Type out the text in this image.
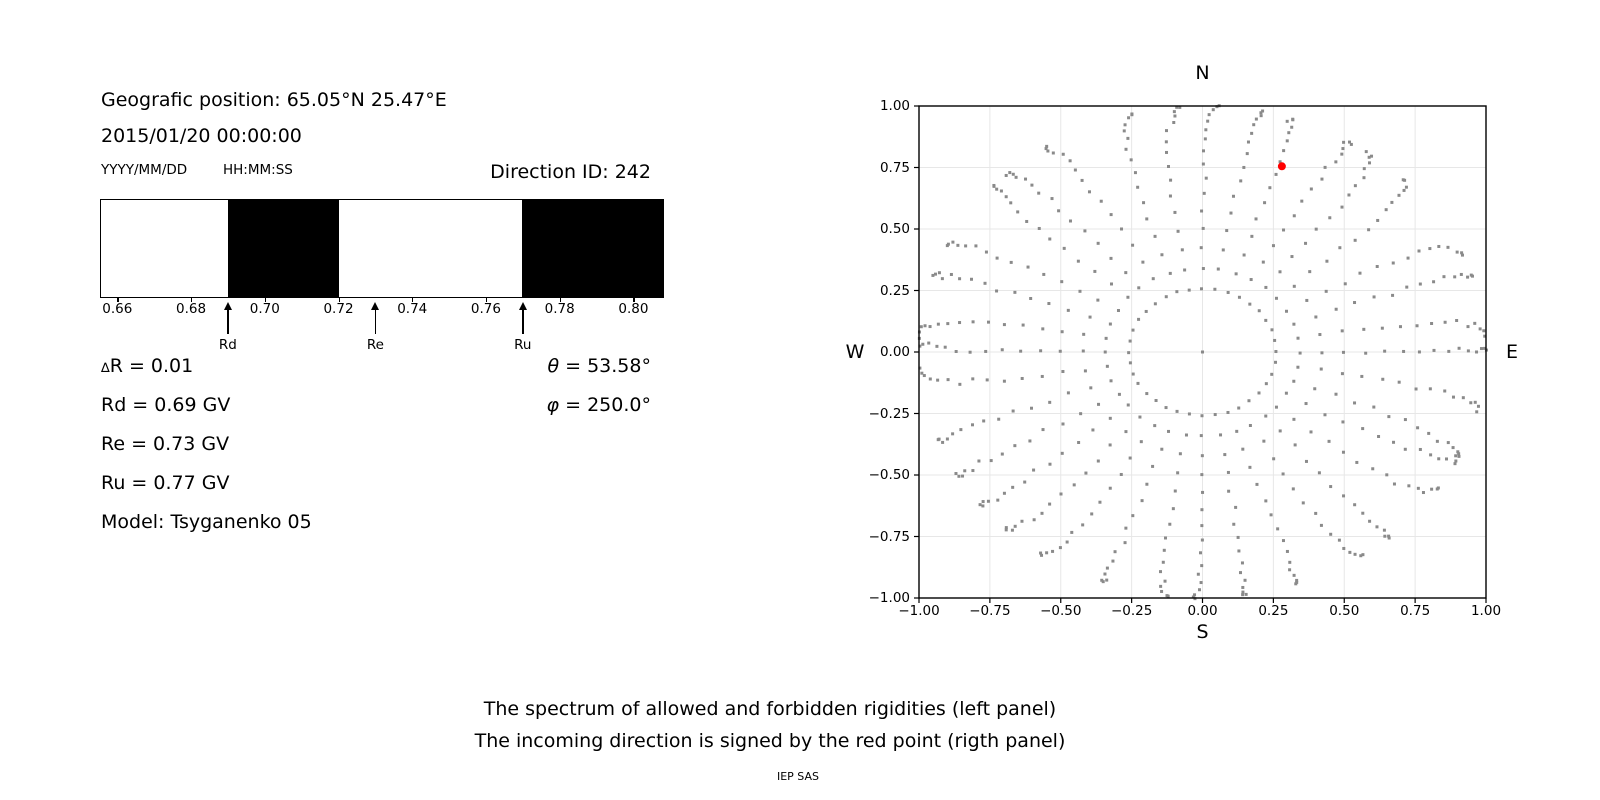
Geografic position: 65.05°N 25.47°E
2015/01/20 00:00:00
YYYY/MM/DD	HH:MM:SS	Direction ID: 242
0.66	0.68	0.70	0.72	0.74	0.76	0.78	0.80
Rd	Re	Ru
∆R = 0.01
Rd = 0.69 GV
Re = 0.73 GV
Ru = 0.77 GV
Model: Tsyganenko 05
θ = 53.58°
φ = 250.0°
N
S
W	E
1.00
0.75
0.50
0.25
0.00
−0.25
−0.50
−0.75
−1.00
−1.00	−0.75	−0.50	−0.25	0.00	0.25	0.50	0.75	1.00
The spectrum of allowed and forbidden rigidities (left panel)
The incoming direction is signed by the red point (rigth panel)
IEP SAS
